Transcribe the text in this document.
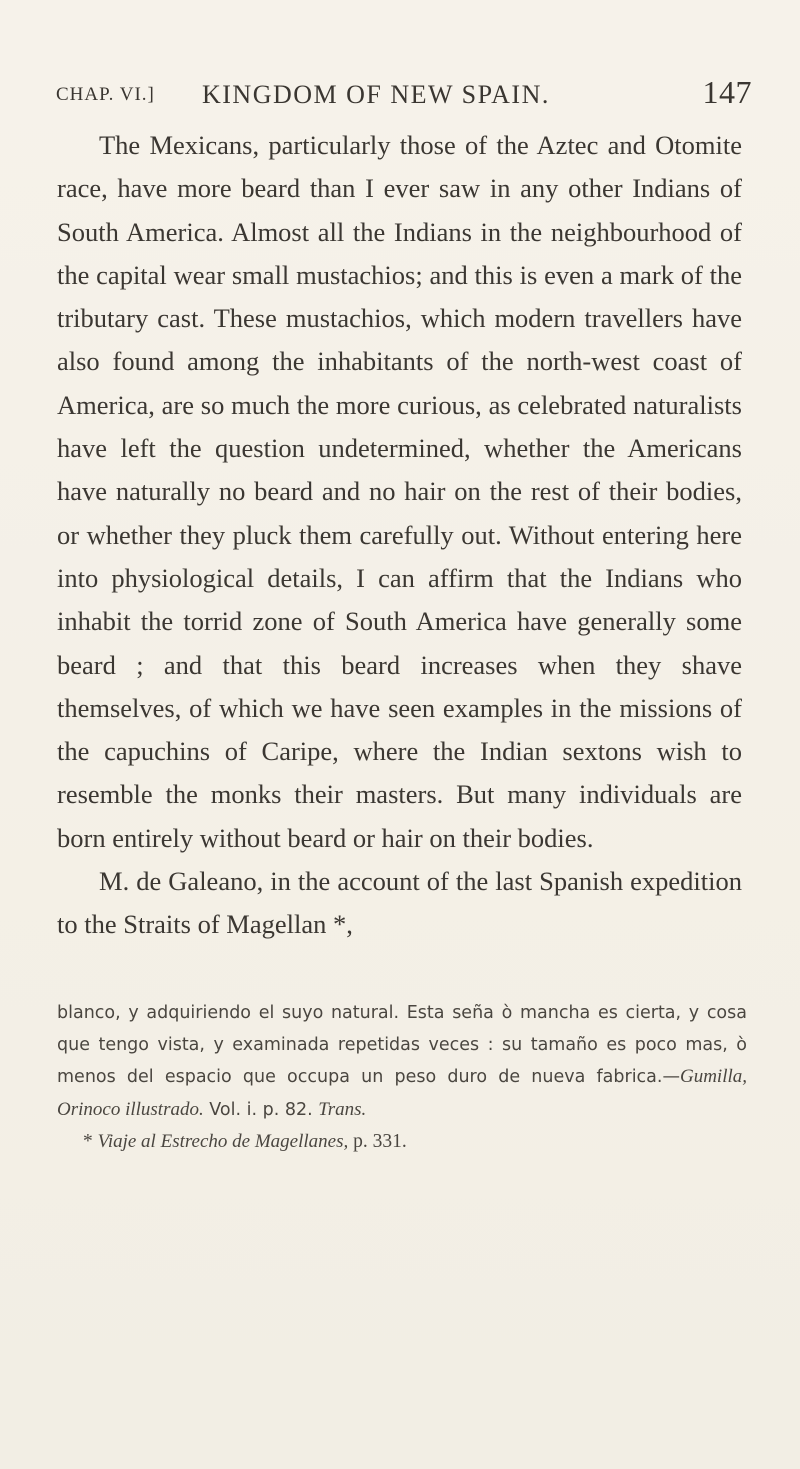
CHAP. VI.] KINGDOM OF NEW SPAIN.	147

The Mexicans, particularly those of the Aztec and Otomite race, have more beard than I ever saw in any other Indians of South America. Almost all the Indians in the neighbourhood of the capital wear small mustachios; and this is even a mark of the tributary cast. These mustachios, which modern travellers have also found among the inhabitants of the north-west coast of America, are so much the more curious, as celebrated naturalists have left the question undetermined, whether the Americans have naturally no beard and no hair on the rest of their bodies, or whether they pluck them carefully out. Without entering here into physiological details, I can affirm that the Indians who inhabit the torrid zone of South America have generally some beard ; and that this beard increases when they shave themselves, of which we have seen examples in the missions of the capuchins of Caripe, where the Indian sextons wish to resemble the monks their masters. But many individuals are born entirely without beard or hair on their bodies.

M. de Galeano, in the account of the last Spanish expedition to the Straits of Magellan *,

blanco, y adquiriendo el suyo natural. Esta seña ò mancha es cierta, y cosa que tengo vista, y examinada repetidas veces : su tamaño es poco mas, ò menos del espacio que occupa un peso duro de nueva fabrica.—Gumilla, Orinoco illustrado. Vol. i. p. 82. Trans.

* Viaje al Estrecho de Magellanes, p. 331.
